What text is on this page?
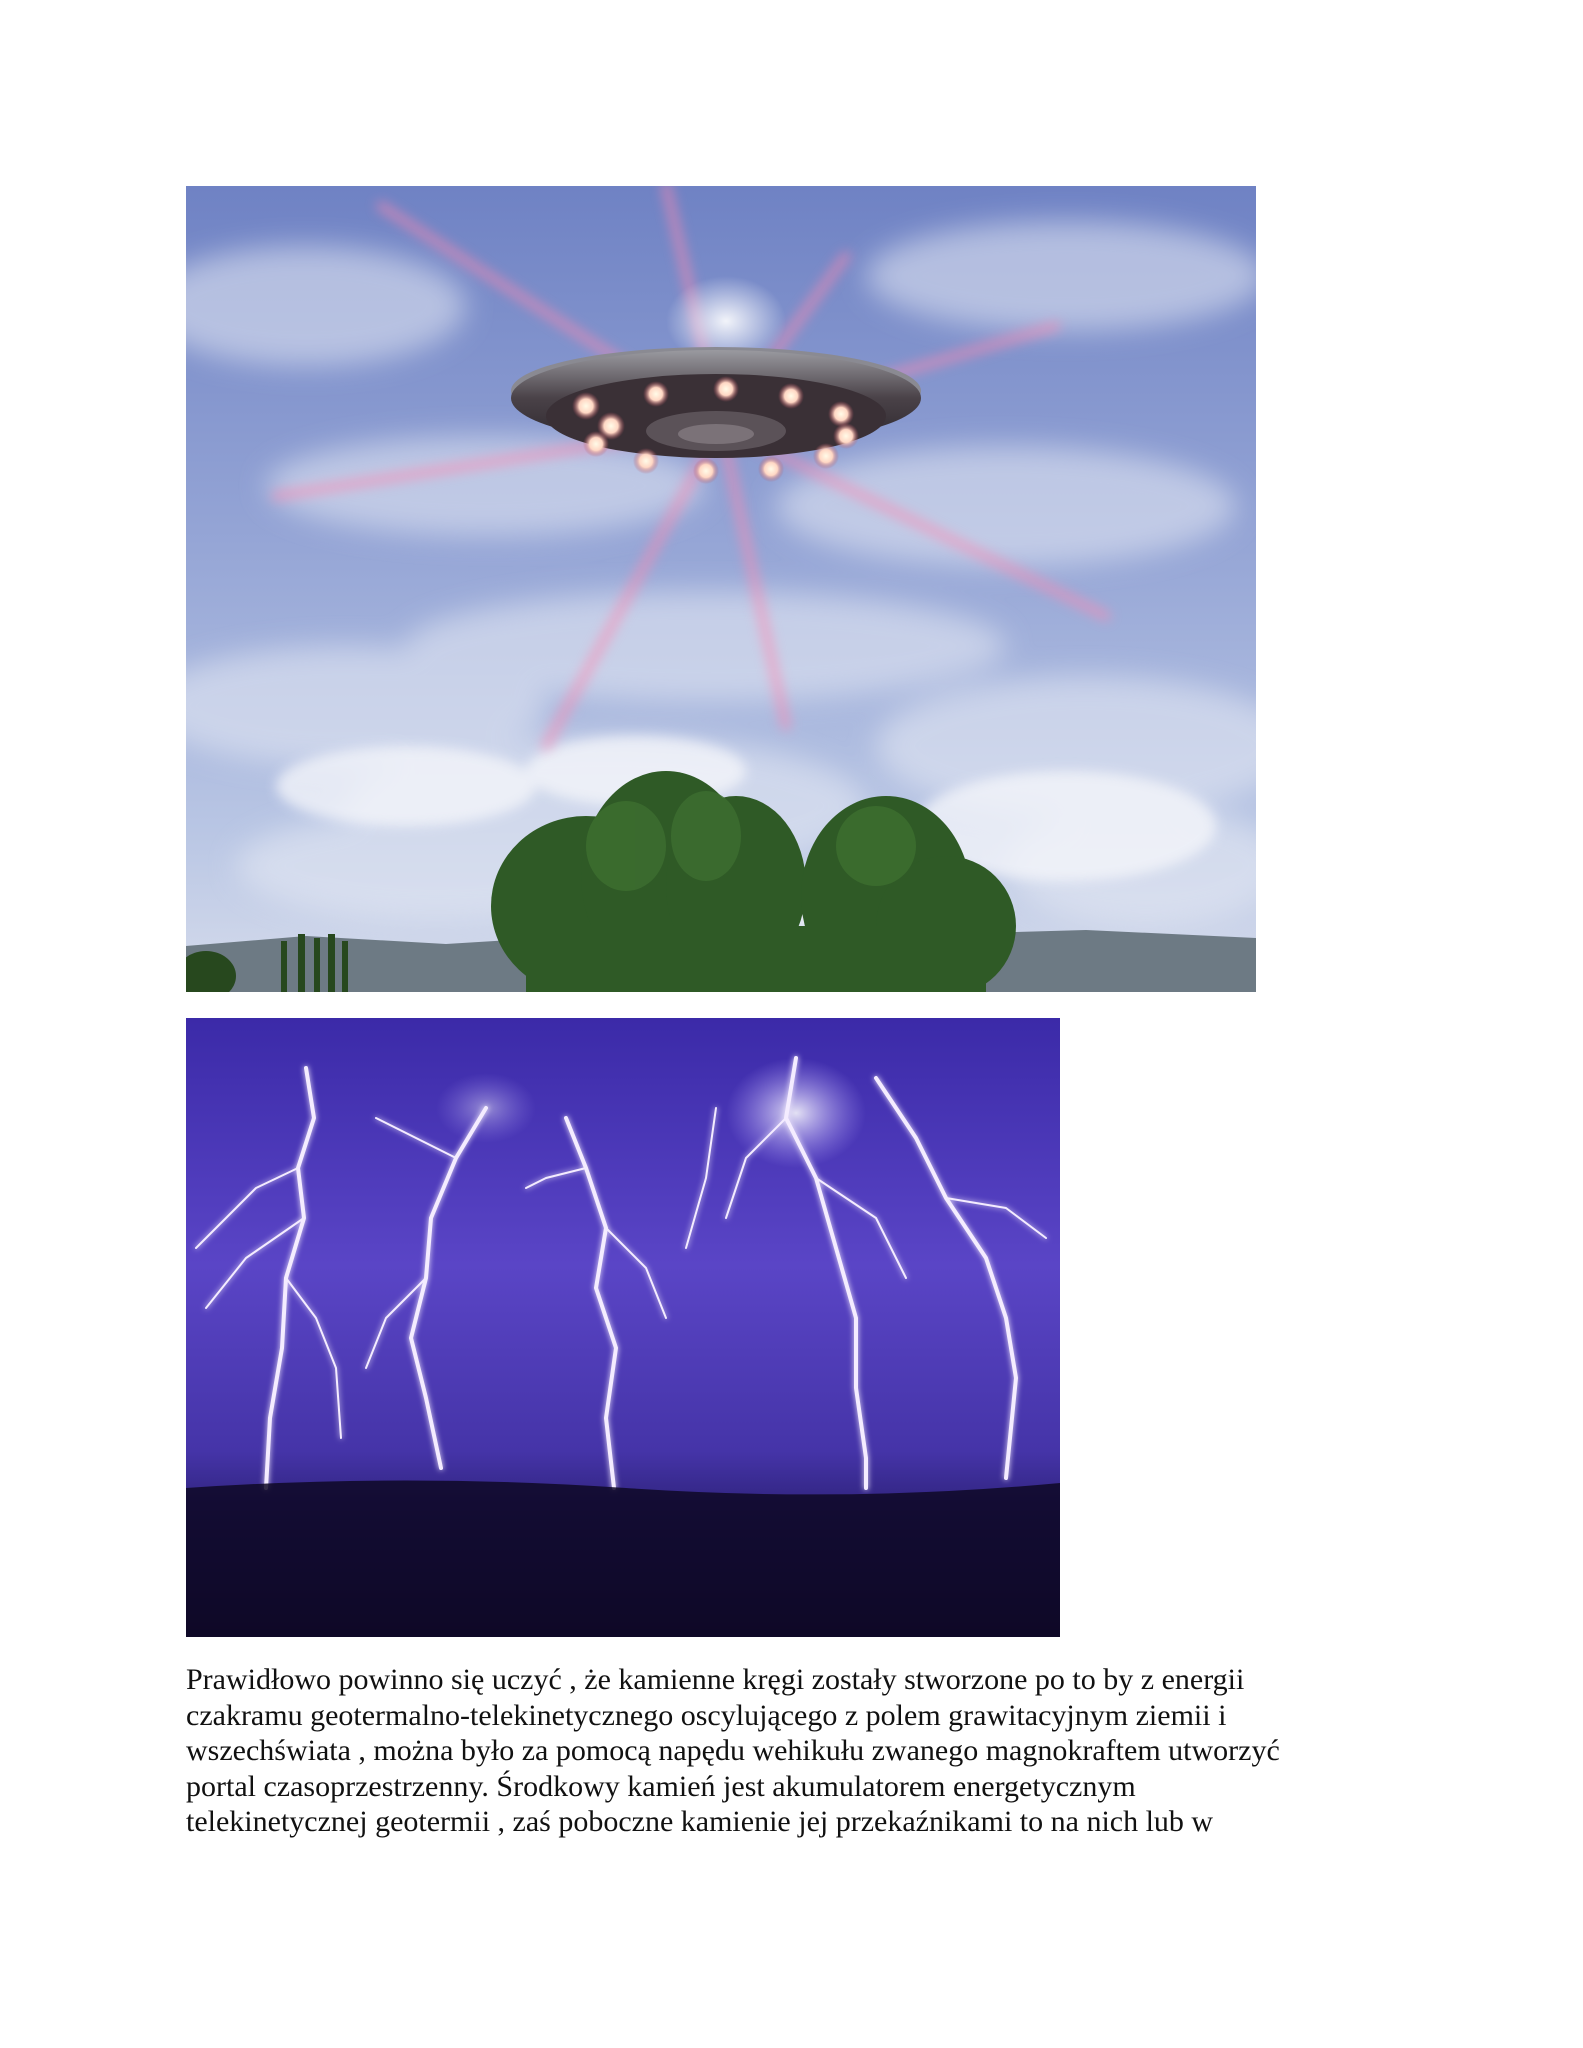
Prawidłowo powinno się uczyć , że kamienne kręgi zostały stworzone po to by z energii
czakramu geotermalno-telekinetycznego oscylującego z polem grawitacyjnym ziemii i
wszechświata , można było za pomocą napędu wehikułu zwanego magnokraftem utworzyć
portal czasoprzestrzenny. Środkowy kamień jest akumulatorem energetycznym
telekinetycznej geotermii , zaś poboczne kamienie jej przekaźnikami to na nich lub w
